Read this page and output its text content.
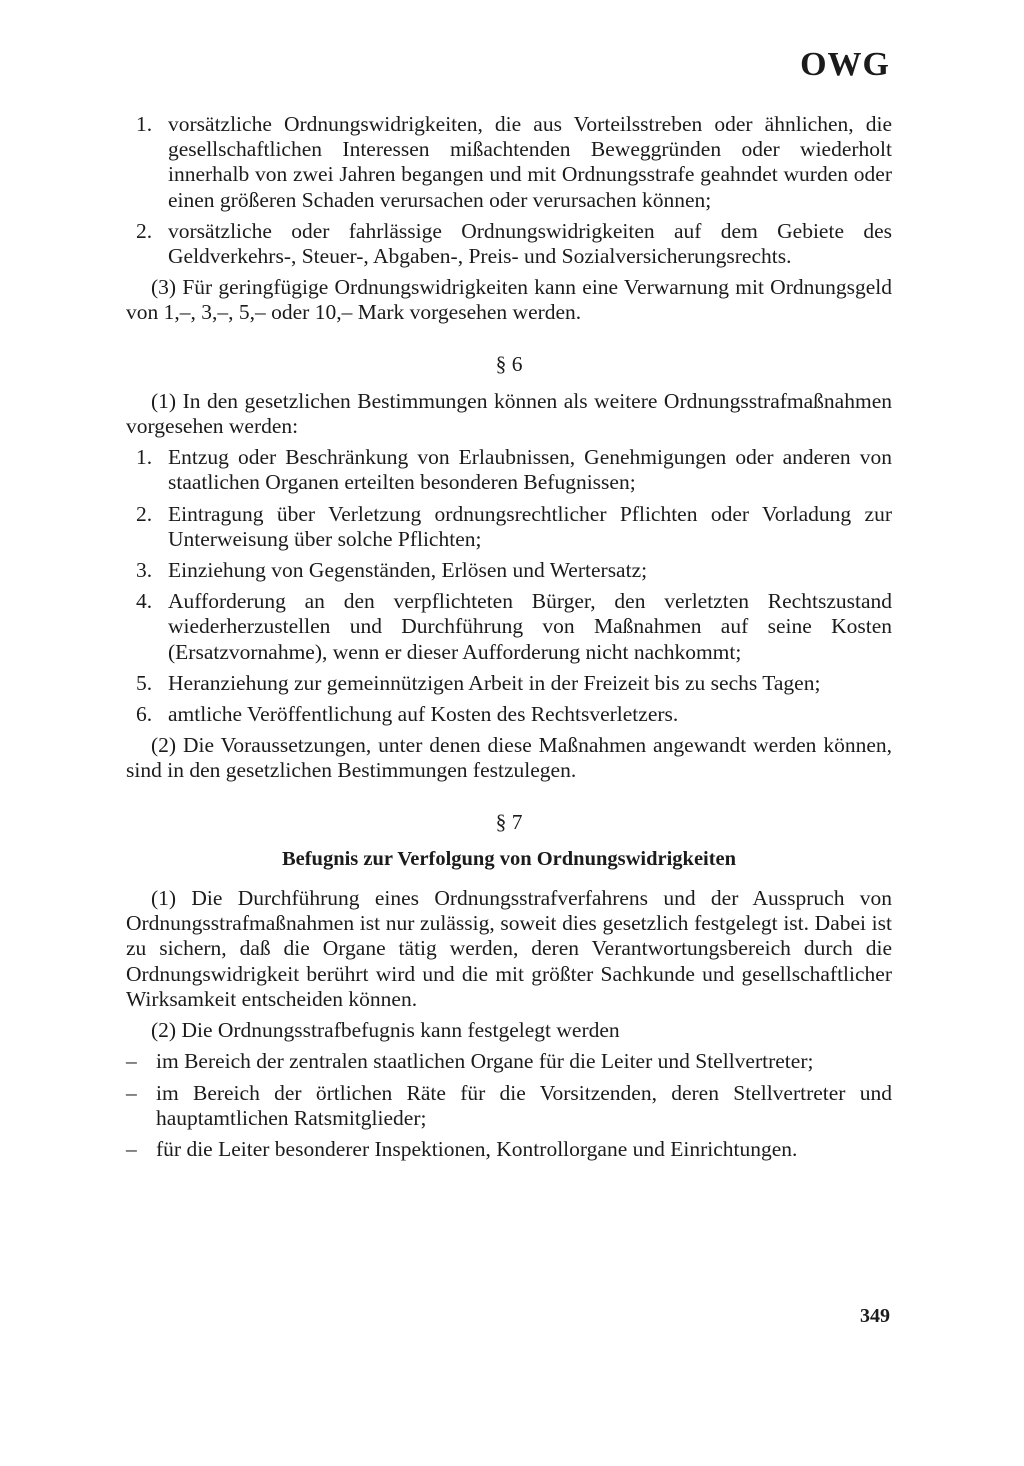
OWG
1. vorsätzliche Ordnungswidrigkeiten, die aus Vorteilsstreben oder ähnlichen, die gesellschaftlichen Interessen mißachtenden Beweggründen oder wiederholt innerhalb von zwei Jahren begangen und mit Ordnungsstrafe geahndet wurden oder einen größeren Schaden verursachen oder verursachen können;
2. vorsätzliche oder fahrlässige Ordnungswidrigkeiten auf dem Gebiete des Geldverkehrs-, Steuer-, Abgaben-, Preis- und Sozialversicherungsrechts.

(3) Für geringfügige Ordnungswidrigkeiten kann eine Verwarnung mit Ordnungsgeld von 1,–, 3,–, 5,– oder 10,– Mark vorgesehen werden.

§ 6

(1) In den gesetzlichen Bestimmungen können als weitere Ordnungsstrafmaßnahmen vorgesehen werden:

1. Entzug oder Beschränkung von Erlaubnissen, Genehmigungen oder anderen von staatlichen Organen erteilten besonderen Befugnissen;
2. Eintragung über Verletzung ordnungsrechtlicher Pflichten oder Vorladung zur Unterweisung über solche Pflichten;
3. Einziehung von Gegenständen, Erlösen und Wertersatz;
4. Aufforderung an den verpflichteten Bürger, den verletzten Rechtszustand wiederherzustellen und Durchführung von Maßnahmen auf seine Kosten (Ersatzvornahme), wenn er dieser Aufforderung nicht nachkommt;
5. Heranziehung zur gemeinnützigen Arbeit in der Freizeit bis zu sechs Tagen;
6. amtliche Veröffentlichung auf Kosten des Rechtsverletzers.

(2) Die Voraussetzungen, unter denen diese Maßnahmen angewandt werden können, sind in den gesetzlichen Bestimmungen festzulegen.

§ 7
Befugnis zur Verfolgung von Ordnungswidrigkeiten

(1) Die Durchführung eines Ordnungsstrafverfahrens und der Ausspruch von Ordnungsstrafmaßnahmen ist nur zulässig, soweit dies gesetzlich festgelegt ist. Dabei ist zu sichern, daß die Organe tätig werden, deren Verantwortungsbereich durch die Ordnungswidrigkeit berührt wird und die mit größter Sachkunde und gesellschaftlicher Wirksamkeit entscheiden können.

(2) Die Ordnungsstrafbefugnis kann festgelegt werden

– im Bereich der zentralen staatlichen Organe für die Leiter und Stellvertreter;
– im Bereich der örtlichen Räte für die Vorsitzenden, deren Stellvertreter und hauptamtlichen Ratsmitglieder;
– für die Leiter besonderer Inspektionen, Kontrollorgane und Einrichtungen.
349
